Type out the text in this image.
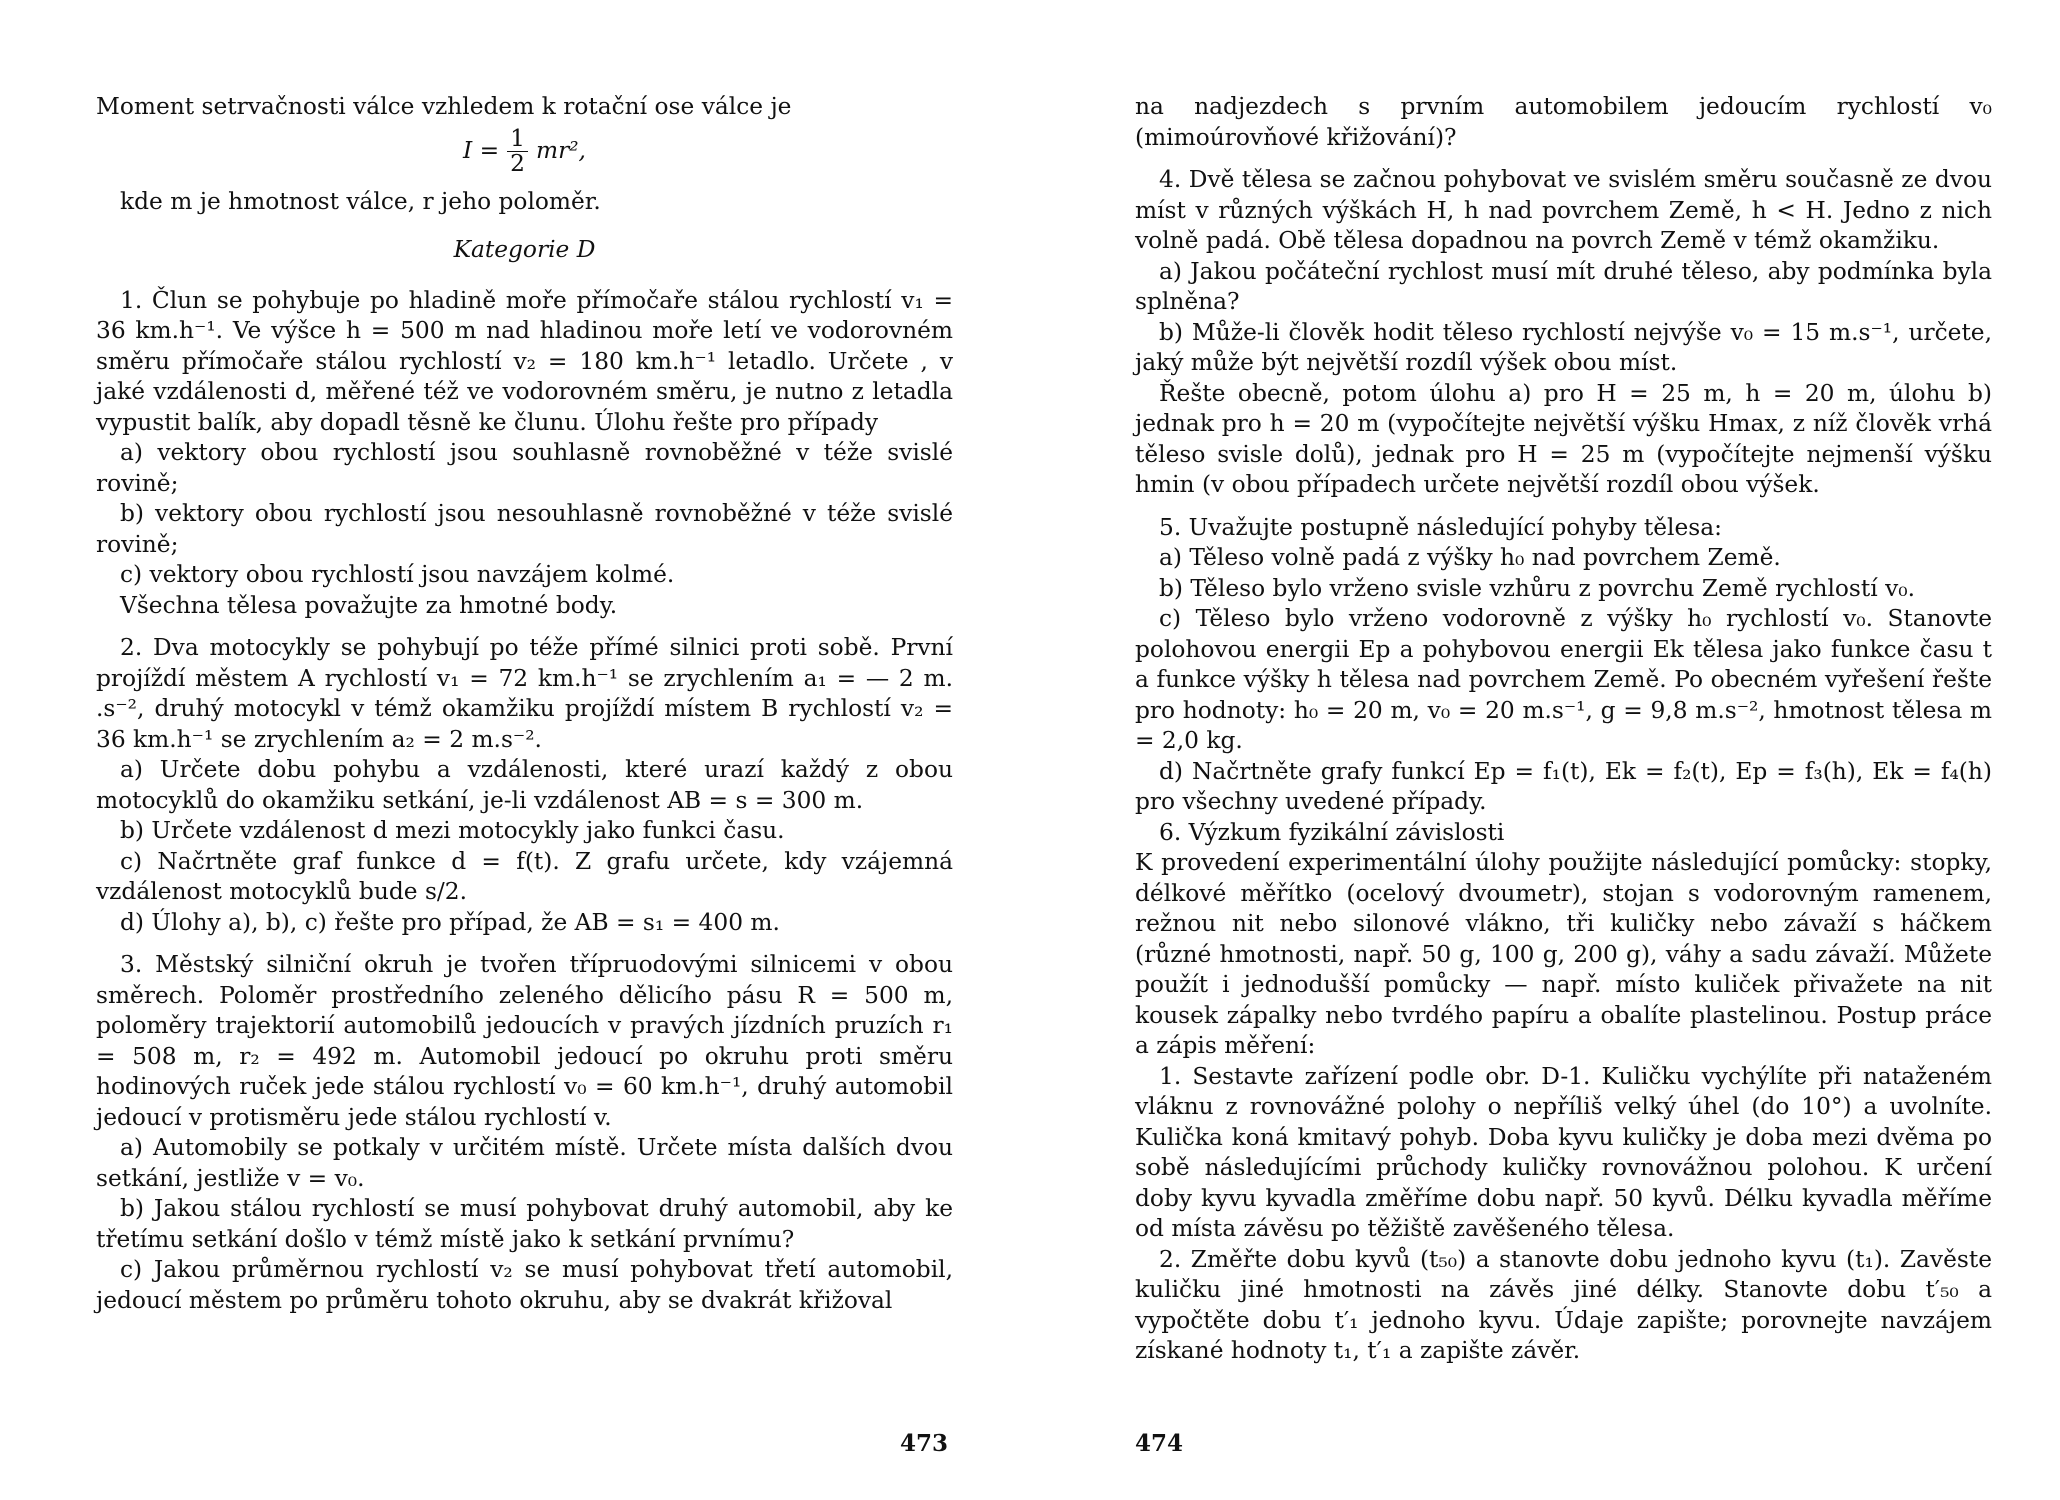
Moment setrvačnosti válce vzhledem k rotační ose válce je

$I = \frac{1}{2} mr^2$,

kde m je hmotnost válce, r jeho poloměr.

Kategorie D

1. Člun se pohybuje po hladině moře přímočaře stálou rychlostí v₁ = 36 km.h⁻¹. Ve výšce h = 500 m nad hladinou moře letí ve vodorovném směru přímočaře stálou rychlostí v₂ = 180 km.h⁻¹ letadlo. Určete , v jaké vzdálenosti d, měřené též ve vodorovném směru, je nutno z letadla vypustit balík, aby dopadl těsně ke člunu. Úlohu řešte pro případy

a) vektory obou rychlostí jsou souhlasně rovnoběžné v téže svislé rovině;

b) vektory obou rychlostí jsou nesouhlasně rovnoběžné v téže svislé rovině;

c) vektory obou rychlostí jsou navzájem kolmé.

Všechna tělesa považujte za hmotné body.

2. Dva motocykly se pohybují po téže přímé silnici proti sobě. První projíždí městem A rychlostí v₁ = 72 km.h⁻¹ se zrychlením a₁ = — 2 m. .s⁻², druhý motocykl v témž okamžiku projíždí místem B rychlostí v₂ = 36 km.h⁻¹ se zrychlením a₂ = 2 m.s⁻².

a) Určete dobu pohybu a vzdálenosti, které urazí každý z obou motocyklů do okamžiku setkání, je-li vzdálenost AB = s = 300 m.

b) Určete vzdálenost d mezi motocykly jako funkci času.

c) Načrtněte graf funkce d = f(t). Z grafu určete, kdy vzájemná vzdálenost motocyklů bude s/2.

d) Úlohy a), b), c) řešte pro případ, že AB = s₁ = 400 m.

3. Městský silniční okruh je tvořen třípruodovými silnicemi v obou směrech. Poloměr prostředního zeleného dělicího pásu R = 500 m, poloměry trajektorií automobilů jedoucích v pravých jízdních pruzích r₁ = 508 m, r₂ = 492 m. Automobil jedoucí po okruhu proti směru hodinových ruček jede stálou rychlostí v₀ = 60 km.h⁻¹, druhý automobil jedoucí v protisměru jede stálou rychlostí v.

a) Automobily se potkaly v určitém místě. Určete místa dalších dvou setkání, jestliže v = v₀.

b) Jakou stálou rychlostí se musí pohybovat druhý automobil, aby ke třetímu setkání došlo v témž místě jako k setkání prvnímu?

c) Jakou průměrnou rychlostí v₂ se musí pohybovat třetí automobil, jedoucí městem po průměru tohoto okruhu, aby se dvakrát křižoval

473

na nadjezdech s prvním automobilem jedoucím rychlostí v₀ (mimoúrovňové křižování)?

4. Dvě tělesa se začnou pohybovat ve svislém směru současně ze dvou míst v různých výškách H, h nad povrchem Země, h < H. Jedno z nich volně padá. Obě tělesa dopadnou na povrch Země v témž okamžiku.

a) Jakou počáteční rychlost musí mít druhé těleso, aby podmínka byla splněna?

b) Může-li člověk hodit těleso rychlostí nejvýše v₀ = 15 m.s⁻¹, určete, jaký může být největší rozdíl výšek obou míst.

Řešte obecně, potom úlohu a) pro H = 25 m, h = 20 m, úlohu b) jednak pro h = 20 m (vypočítejte největší výšku Hmax, z níž člověk vrhá těleso svisle dolů), jednak pro H = 25 m (vypočítejte nejmenší výšku hmin (v obou případech určete největší rozdíl obou výšek.

5. Uvažujte postupně následující pohyby tělesa:

a) Těleso volně padá z výšky h₀ nad povrchem Země.

b) Těleso bylo vrženo svisle vzhůru z povrchu Země rychlostí v₀.

c) Těleso bylo vrženo vodorovně z výšky h₀ rychlostí v₀. Stanovte polohovou energii Ep a pohybovou energii Ek tělesa jako funkce času t a funkce výšky h tělesa nad povrchem Země. Po obecném vyřešení řešte pro hodnoty: h₀ = 20 m, v₀ = 20 m.s⁻¹, g = 9,8 m.s⁻², hmotnost tělesa m = 2,0 kg.

d) Načrtněte grafy funkcí Ep = f₁(t), Ek = f₂(t), Ep = f₃(h), Ek = f₄(h) pro všechny uvedené případy.

6. Výzkum fyzikální závislosti

K provedení experimentální úlohy použijte následující pomůcky: stopky, délkové měřítko (ocelový dvoumetr), stojan s vodorovným ramenem, režnou nit nebo silonové vlákno, tři kuličky nebo závaží s háčkem (různé hmotnosti, např. 50 g, 100 g, 200 g), váhy a sadu závaží. Můžete použít i jednodušší pomůcky — např. místo kuliček přivažete na nit kousek zápalky nebo tvrdého papíru a obalíte plastelinou. Postup práce a zápis měření:

1. Sestavte zařízení podle obr. D-1. Kuličku vychýlíte při nataženém vláknu z rovnovážné polohy o nepříliš velký úhel (do 10°) a uvolníte. Kulička koná kmitavý pohyb. Doba kyvu kuličky je doba mezi dvěma po sobě následujícími průchody kuličky rovnovážnou polohou. K určení doby kyvu kyvadla změříme dobu např. 50 kyvů. Délku kyvadla měříme od místa závěsu po těžiště zavěšeného tělesa.

2. Změřte dobu kyvů (t₅₀) a stanovte dobu jednoho kyvu (t₁). Zavěste kuličku jiné hmotnosti na závěs jiné délky. Stanovte dobu t′₅₀ a vypočtěte dobu t′₁ jednoho kyvu. Údaje zapište; porovnejte navzájem získané hodnoty t₁, t′₁ a zapište závěr.

474
